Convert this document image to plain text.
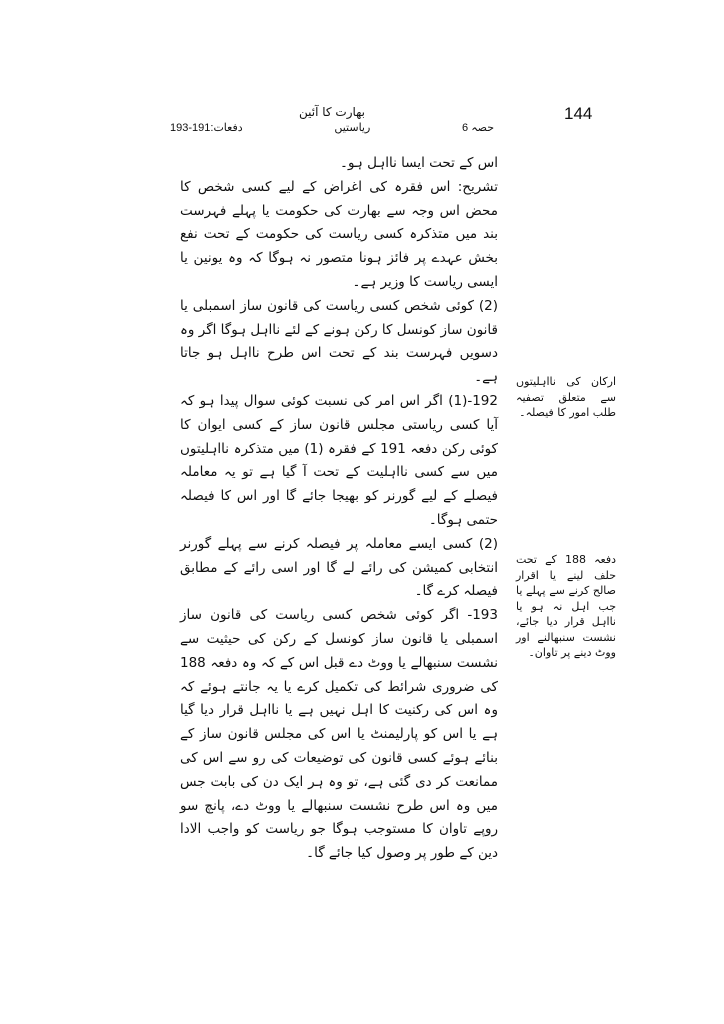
144
بھارت کا آئین
حصہ 6
ریاستیں
دفعات:191-193

اس کے تحت ایسا نااہل ہو۔

تشریح: اس فقرہ کی اغراض کے لیے کسی شخص کا محض اس وجہ سے بھارت کی حکومت یا پہلے فہرست بند میں متذکرہ کسی ریاست کی حکومت کے تحت نفع بخش عہدے پر فائز ہونا متصور نہ ہوگا کہ وہ یونین یا ایسی ریاست کا وزیر ہے۔

(2) کوئی شخص کسی ریاست کی قانون ساز اسمبلی یا قانون ساز کونسل کا رکن ہونے کے لئے نااہل ہوگا اگر وہ دسویں فہرست بند کے تحت اس طرح نااہل ہو جاتا ہے۔

192-(1) اگر اس امر کی نسبت کوئی سوال پیدا ہو کہ آیا کسی ریاستی مجلس قانون ساز کے کسی ایوان کا کوئی رکن دفعہ 191 کے فقرہ (1) میں متذکرہ نااہلیتوں میں سے کسی نااہلیت کے تحت آ گیا ہے تو یہ معاملہ فیصلے کے لیے گورنر کو بھیجا جائے گا اور اس کا فیصلہ حتمی ہوگا۔

(2) کسی ایسے معاملہ پر فیصلہ کرنے سے پہلے گورنر انتخابی کمیشن کی رائے لے گا اور اسی رائے کے مطابق فیصلہ کرے گا۔

193- اگر کوئی شخص کسی ریاست کی قانون ساز اسمبلی یا قانون ساز کونسل کے رکن کی حیثیت سے نشست سنبھالے یا ووٹ دے قبل اس کے کہ وہ دفعہ 188 کی ضروری شرائط کی تکمیل کرے یا یہ جانتے ہوئے کہ وہ اس کی رکنیت کا اہل نہیں ہے یا نااہل قرار دیا گیا ہے یا اس کو پارلیمنٹ یا اس کی مجلس قانون ساز کے بنائے ہوئے کسی قانون کی توضیعات کی رو سے اس کی ممانعت کر دی گئی ہے، تو وہ ہر ایک دن کی بابت جس میں وہ اس طرح نشست سنبھالے یا ووٹ دے، پانچ سو روپے تاوان کا مستوجب ہوگا جو ریاست کو واجب الادا دین کے طور پر وصول کیا جائے گا۔

ارکان کی نااہلیتوں سے متعلق تصفیہ طلب امور کا فیصلہ۔
دفعہ 188 کے تحت حلف لینے یا اقرار صالح کرنے سے پہلے یا جب اہل نہ ہو یا نااہل قرار دیا جائے، نشست سنبھالنے اور ووٹ دینے پر تاوان۔
